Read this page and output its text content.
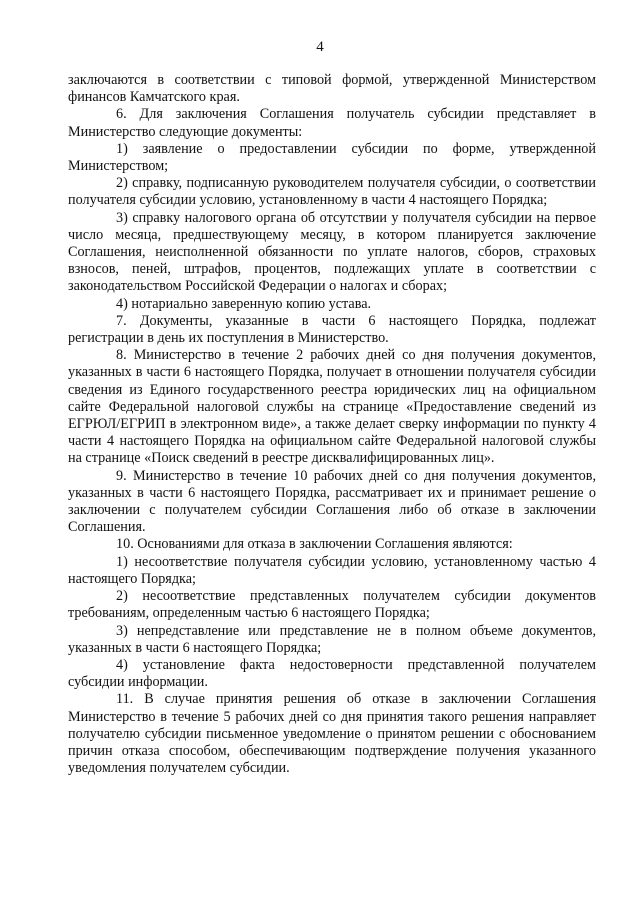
4

заключаются в соответствии с типовой формой, утвержденной Министерством финансов Камчатского края.

6. Для заключения Соглашения получатель субсидии представляет в Министерство следующие документы:

1) заявление о предоставлении субсидии по форме, утвержденной Министерством;

2) справку, подписанную руководителем получателя субсидии, о соответствии получателя субсидии условию, установленному в части 4 настоящего Порядка;

3) справку налогового органа об отсутствии у получателя субсидии на первое число месяца, предшествующему месяцу, в котором планируется заключение Соглашения, неисполненной обязанности по уплате налогов, сборов, страховых взносов, пеней, штрафов, процентов, подлежащих уплате в соответствии с законодательством Российской Федерации о налогах и сборах;

4) нотариально заверенную копию устава.

7. Документы, указанные в части 6 настоящего Порядка, подлежат регистрации в день их поступления в Министерство.

8. Министерство в течение 2 рабочих дней со дня получения документов, указанных в части 6 настоящего Порядка, получает в отношении получателя субсидии сведения из Единого государственного реестра юридических лиц на официальном сайте Федеральной налоговой службы на странице «Предоставление сведений из ЕГРЮЛ/ЕГРИП в электронном виде», а также делает сверку информации по пункту 4 части 4 настоящего Порядка на официальном сайте Федеральной налоговой службы на странице «Поиск сведений в реестре дисквалифицированных лиц».

9. Министерство в течение 10 рабочих дней со дня получения документов, указанных в части 6 настоящего Порядка, рассматривает их и принимает решение о заключении с получателем субсидии Соглашения либо об отказе в заключении Соглашения.

10. Основаниями для отказа в заключении Соглашения являются:

1) несоответствие получателя субсидии условию, установленному частью 4 настоящего Порядка;

2) несоответствие представленных получателем субсидии документов требованиям, определенным частью 6 настоящего Порядка;

3) непредставление или представление не в полном объеме документов, указанных в части 6 настоящего Порядка;

4) установление факта недостоверности представленной получателем субсидии информации.

11. В случае принятия решения об отказе в заключении Соглашения Министерство в течение 5 рабочих дней со дня принятия такого решения направляет получателю субсидии письменное уведомление о принятом решении с обоснованием причин отказа способом, обеспечивающим подтверждение получения указанного уведомления получателем субсидии.
